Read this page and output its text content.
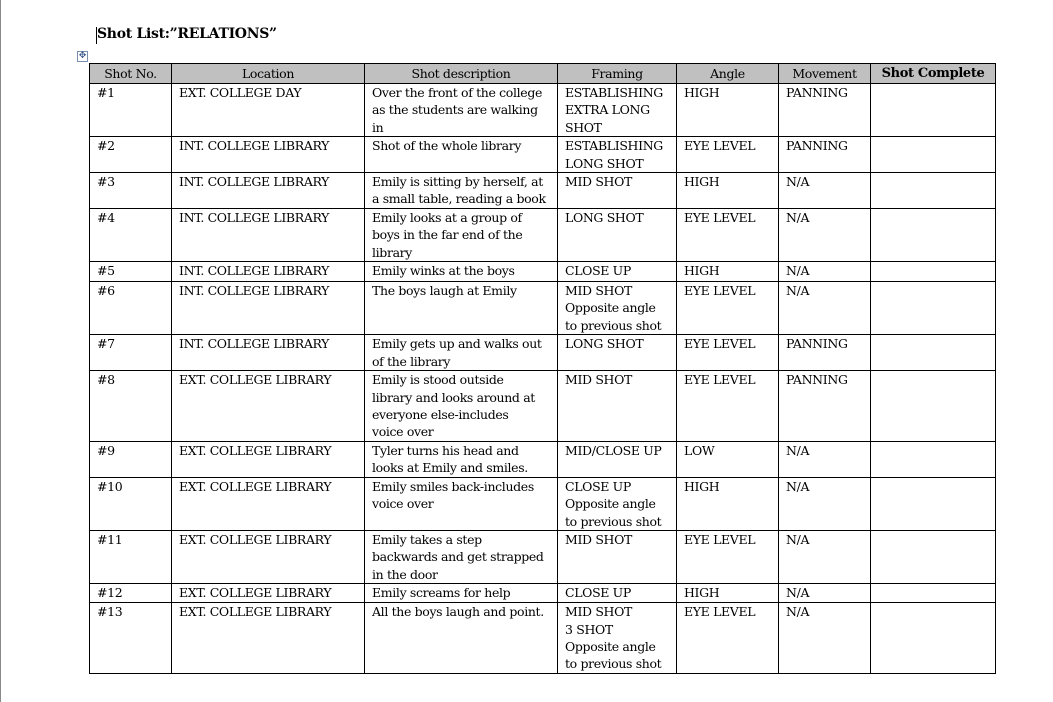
Shot List:”RELATIONS”
✥
Shot No.	Location	Shot description	Framing	Angle	Movement	Shot Complete
#1	EXT. COLLEGE DAY	Over the front of the college
as the students are walking
in	ESTABLISHING
EXTRA LONG
SHOT	HIGH	PANNING	
#2	INT. COLLEGE LIBRARY	Shot of the whole library	ESTABLISHING
LONG SHOT	EYE LEVEL	PANNING	
#3	INT. COLLEGE LIBRARY	Emily is sitting by herself, at
a small table, reading a book	MID SHOT	HIGH	N/A	
#4	INT. COLLEGE LIBRARY	Emily looks at a group of
boys in the far end of the
library	LONG SHOT	EYE LEVEL	N/A	
#5	INT. COLLEGE LIBRARY	Emily winks at the boys	CLOSE UP	HIGH	N/A	
#6	INT. COLLEGE LIBRARY	The boys laugh at Emily	MID SHOT
Opposite angle
to previous shot	EYE LEVEL	N/A	
#7	INT. COLLEGE LIBRARY	Emily gets up and walks out
of the library	LONG SHOT	EYE LEVEL	PANNING	
#8	EXT. COLLEGE LIBRARY	Emily is stood outside
library and looks around at
everyone else-includes
voice over	MID SHOT	EYE LEVEL	PANNING	
#9	EXT. COLLEGE LIBRARY	Tyler turns his head and
looks at Emily and smiles.	MID/CLOSE UP	LOW	N/A	
#10	EXT. COLLEGE LIBRARY	Emily smiles back-includes
voice over	CLOSE UP
Opposite angle
to previous shot	HIGH	N/A	
#11	EXT. COLLEGE LIBRARY	Emily takes a step
backwards and get strapped
in the door	MID SHOT	EYE LEVEL	N/A	
#12	EXT. COLLEGE LIBRARY	Emily screams for help	CLOSE UP	HIGH	N/A	
#13	EXT. COLLEGE LIBRARY	All the boys laugh and point.	MID SHOT
3 SHOT
Opposite angle
to previous shot	EYE LEVEL	N/A	
